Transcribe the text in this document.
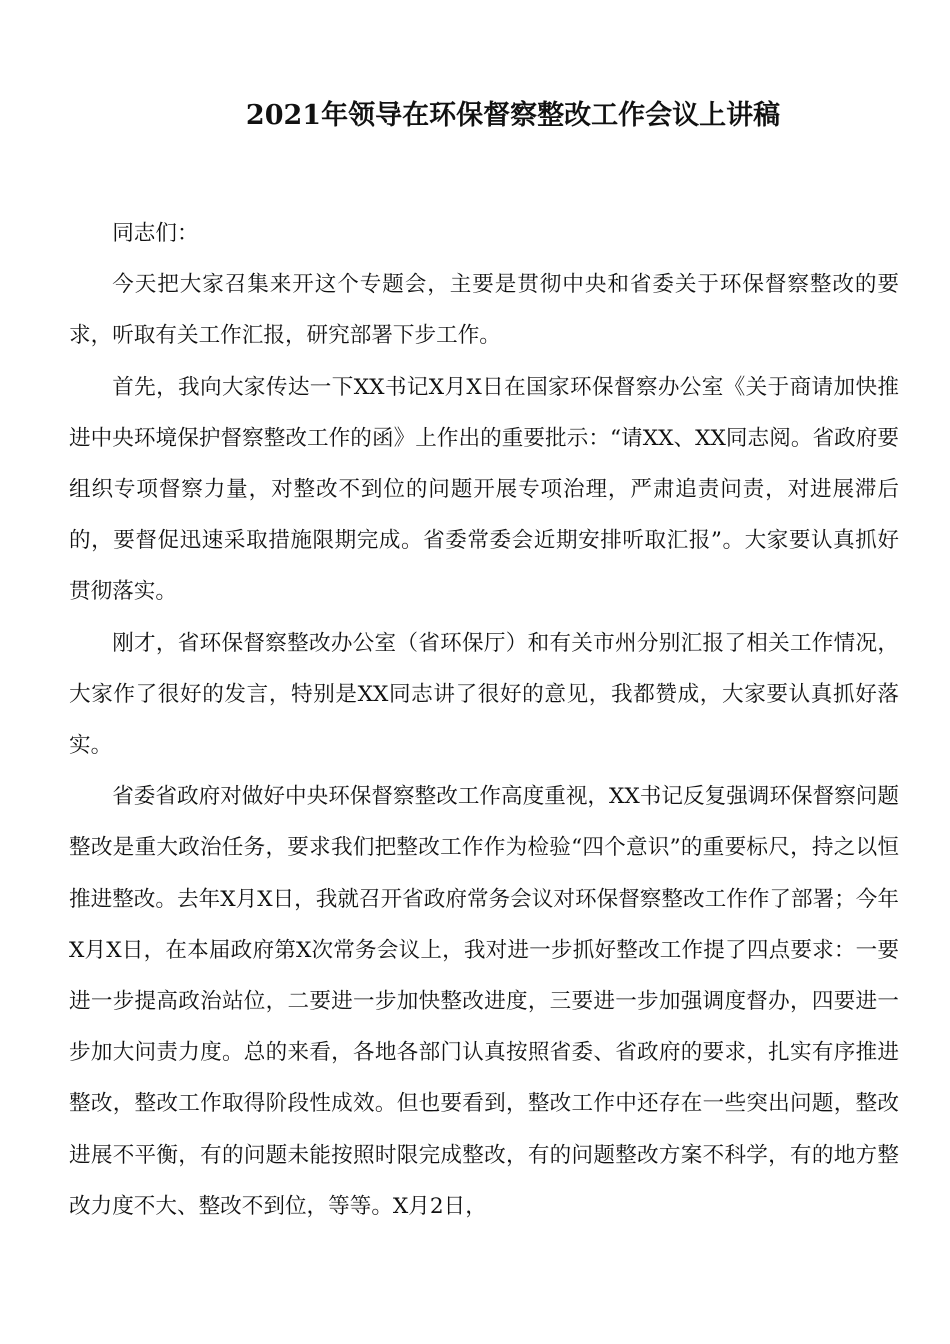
2021年领导在环保督察整改工作会议上讲稿

同志们：

今天把大家召集来开这个专题会，主要是贯彻中央和省委关于环保督察整改的要求，听取有关工作汇报，研究部署下步工作。

首先，我向大家传达一下XX书记X月X日在国家环保督察办公室《关于商请加快推进中央环境保护督察整改工作的函》上作出的重要批示：“请XX、XX同志阅。省政府要组织专项督察力量，对整改不到位的问题开展专项治理，严肃追责问责，对进展滞后的，要督促迅速采取措施限期完成。省委常委会近期安排听取汇报”。大家要认真抓好贯彻落实。

刚才，省环保督察整改办公室（省环保厅）和有关市州分别汇报了相关工作情况，大家作了很好的发言，特别是XX同志讲了很好的意见，我都赞成，大家要认真抓好落实。

省委省政府对做好中央环保督察整改工作高度重视，XX书记反复强调环保督察问题整改是重大政治任务，要求我们把整改工作作为检验“四个意识”的重要标尺，持之以恒推进整改。去年X月X日，我就召开省政府常务会议对环保督察整改工作作了部署；今年X月X日，在本届政府第X次常务会议上，我对进一步抓好整改工作提了四点要求：一要进一步提高政治站位，二要进一步加快整改进度，三要进一步加强调度督办，四要进一步加大问责力度。总的来看，各地各部门认真按照省委、省政府的要求，扎实有序推进整改，整改工作取得阶段性成效。但也要看到，整改工作中还存在一些突出问题，整改进展不平衡，有的问题未能按照时限完成整改，有的问题整改方案不科学，有的地方整改力度不大、整改不到位，等等。X月2日，
